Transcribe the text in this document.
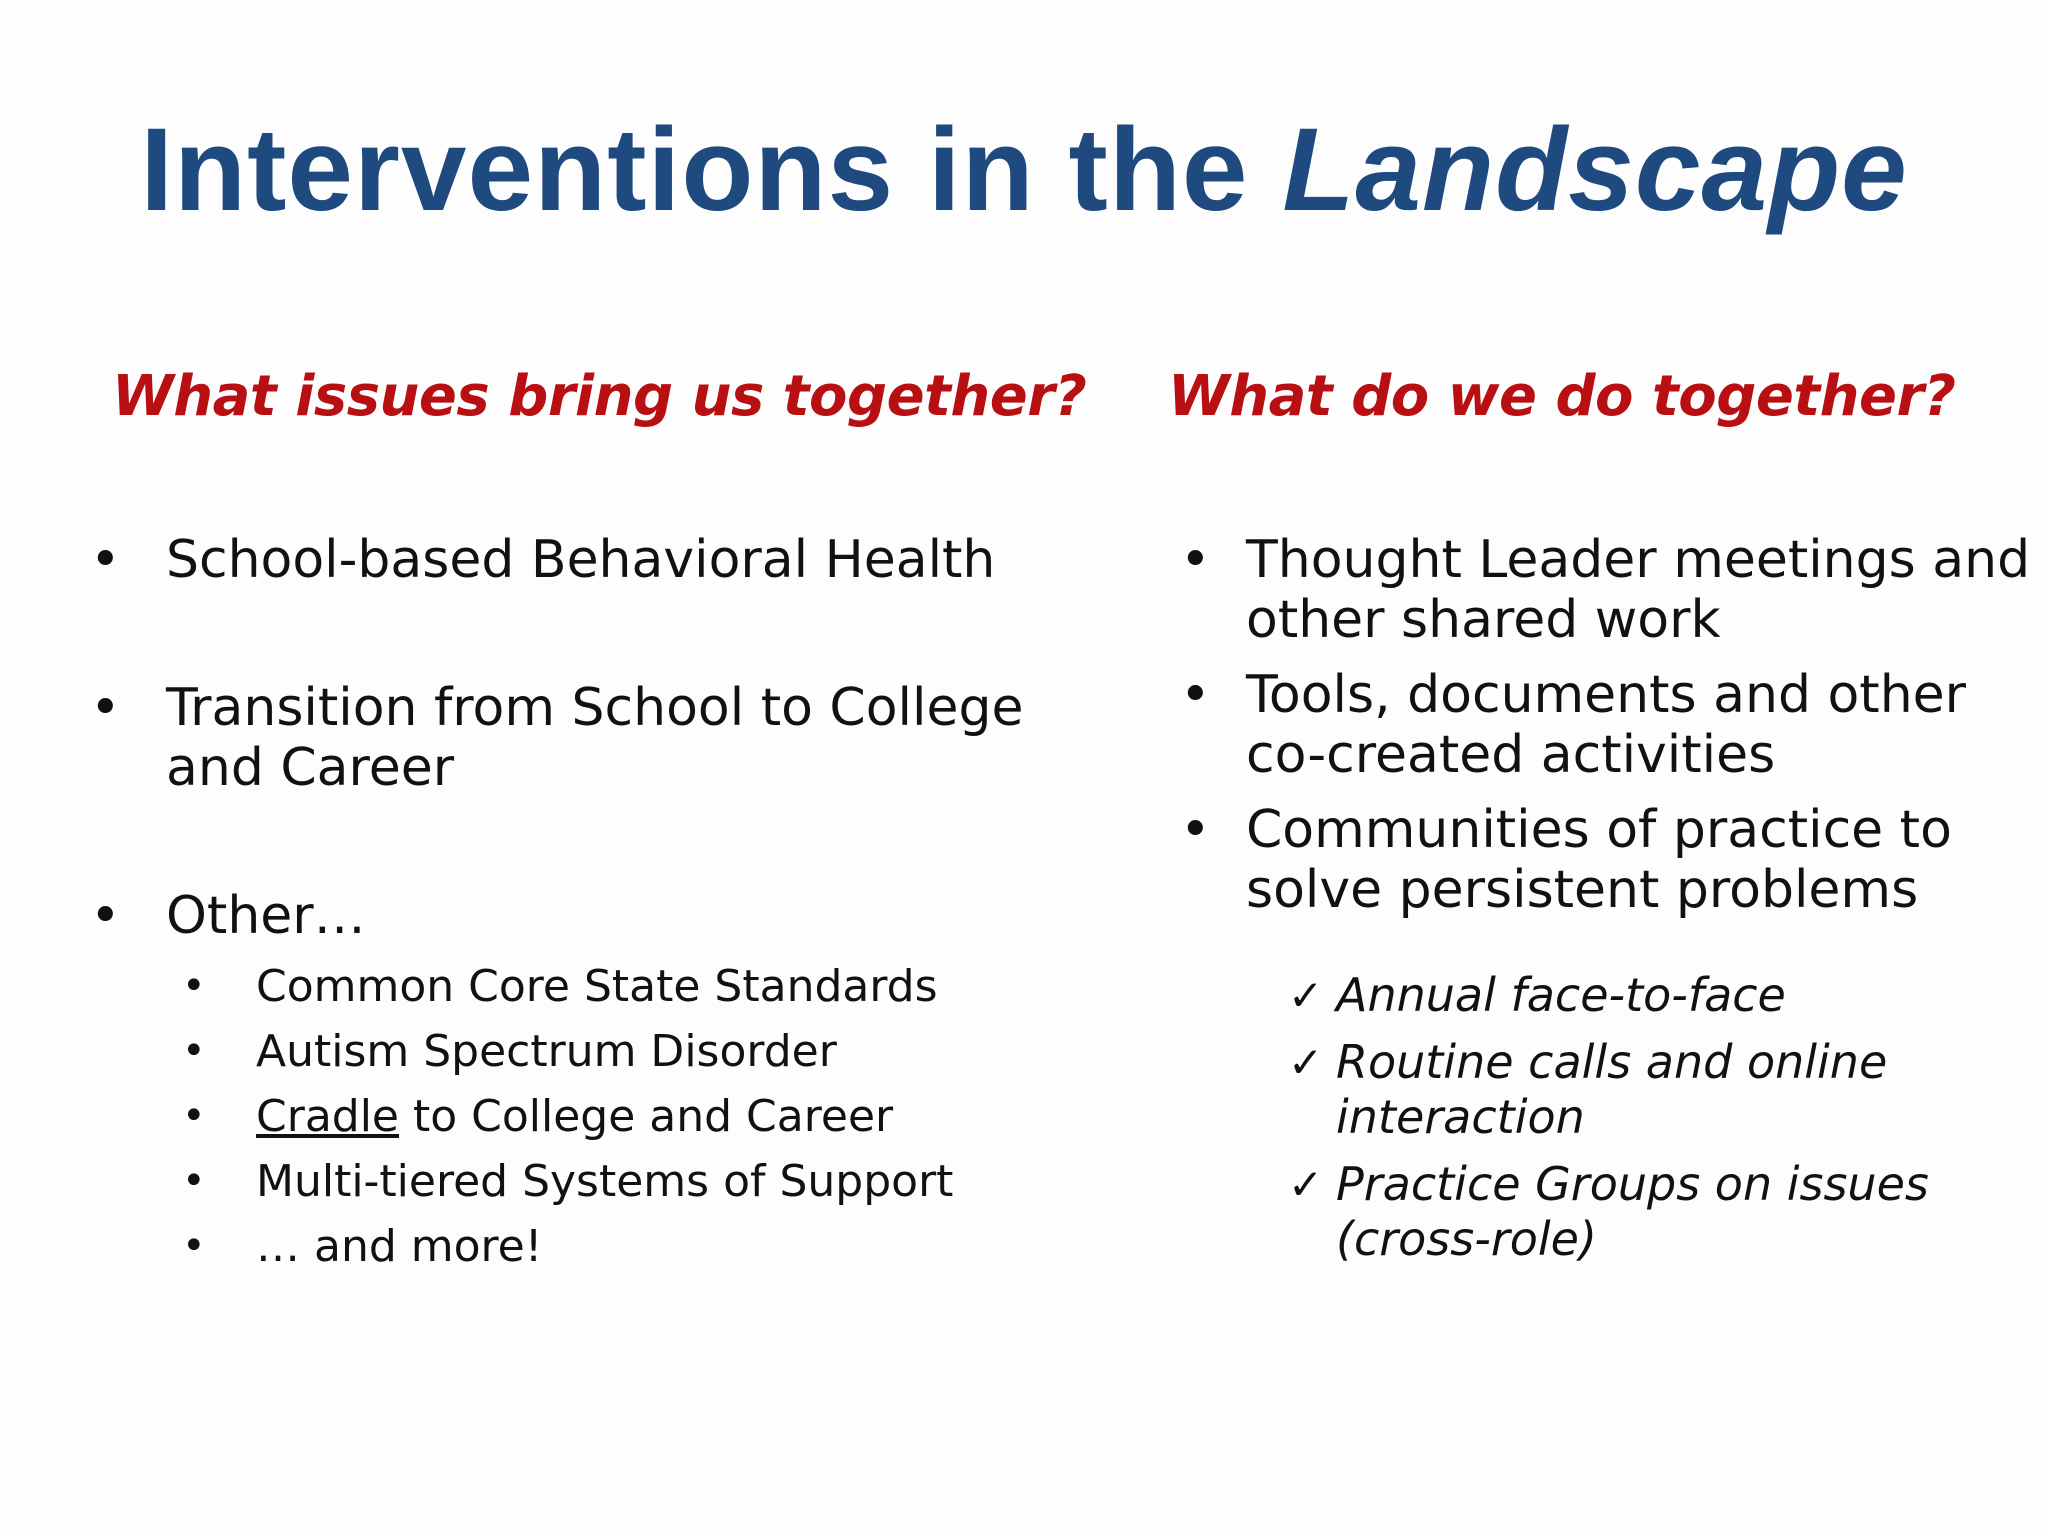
Interventions in the Landscape
What issues bring us together?
• School-based Behavioral Health
• Transition from School to College and Career
• Other…
• Common Core State Standards
• Autism Spectrum Disorder
• Cradle to College and Career
• Multi-tiered Systems of Support
• … and more!
What do we do together?
• Thought Leader meetings and other shared work
• Tools, documents and other co-created activities
• Communities of practice to solve persistent problems
✓ Annual face-to-face
✓ Routine calls and online interaction
✓ Practice Groups on issues (cross-role)
